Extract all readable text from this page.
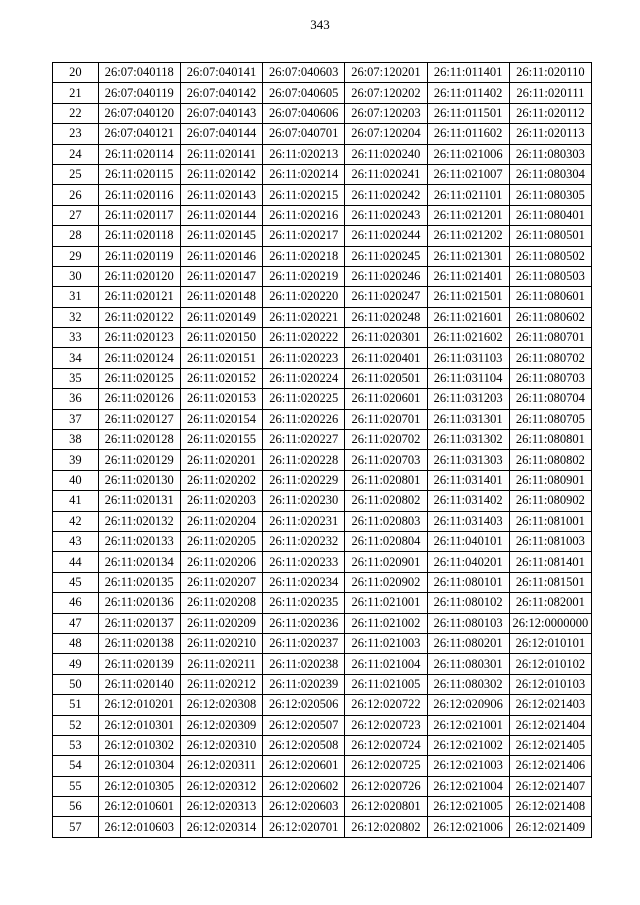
343
20	26:07:040118	26:07:040141	26:07:040603	26:07:120201	26:11:011401	26:11:020110
21	26:07:040119	26:07:040142	26:07:040605	26:07:120202	26:11:011402	26:11:020111
22	26:07:040120	26:07:040143	26:07:040606	26:07:120203	26:11:011501	26:11:020112
23	26:07:040121	26:07:040144	26:07:040701	26:07:120204	26:11:011602	26:11:020113
24	26:11:020114	26:11:020141	26:11:020213	26:11:020240	26:11:021006	26:11:080303
25	26:11:020115	26:11:020142	26:11:020214	26:11:020241	26:11:021007	26:11:080304
26	26:11:020116	26:11:020143	26:11:020215	26:11:020242	26:11:021101	26:11:080305
27	26:11:020117	26:11:020144	26:11:020216	26:11:020243	26:11:021201	26:11:080401
28	26:11:020118	26:11:020145	26:11:020217	26:11:020244	26:11:021202	26:11:080501
29	26:11:020119	26:11:020146	26:11:020218	26:11:020245	26:11:021301	26:11:080502
30	26:11:020120	26:11:020147	26:11:020219	26:11:020246	26:11:021401	26:11:080503
31	26:11:020121	26:11:020148	26:11:020220	26:11:020247	26:11:021501	26:11:080601
32	26:11:020122	26:11:020149	26:11:020221	26:11:020248	26:11:021601	26:11:080602
33	26:11:020123	26:11:020150	26:11:020222	26:11:020301	26:11:021602	26:11:080701
34	26:11:020124	26:11:020151	26:11:020223	26:11:020401	26:11:031103	26:11:080702
35	26:11:020125	26:11:020152	26:11:020224	26:11:020501	26:11:031104	26:11:080703
36	26:11:020126	26:11:020153	26:11:020225	26:11:020601	26:11:031203	26:11:080704
37	26:11:020127	26:11:020154	26:11:020226	26:11:020701	26:11:031301	26:11:080705
38	26:11:020128	26:11:020155	26:11:020227	26:11:020702	26:11:031302	26:11:080801
39	26:11:020129	26:11:020201	26:11:020228	26:11:020703	26:11:031303	26:11:080802
40	26:11:020130	26:11:020202	26:11:020229	26:11:020801	26:11:031401	26:11:080901
41	26:11:020131	26:11:020203	26:11:020230	26:11:020802	26:11:031402	26:11:080902
42	26:11:020132	26:11:020204	26:11:020231	26:11:020803	26:11:031403	26:11:081001
43	26:11:020133	26:11:020205	26:11:020232	26:11:020804	26:11:040101	26:11:081003
44	26:11:020134	26:11:020206	26:11:020233	26:11:020901	26:11:040201	26:11:081401
45	26:11:020135	26:11:020207	26:11:020234	26:11:020902	26:11:080101	26:11:081501
46	26:11:020136	26:11:020208	26:11:020235	26:11:021001	26:11:080102	26:11:082001
47	26:11:020137	26:11:020209	26:11:020236	26:11:021002	26:11:080103	26:12:0000000
48	26:11:020138	26:11:020210	26:11:020237	26:11:021003	26:11:080201	26:12:010101
49	26:11:020139	26:11:020211	26:11:020238	26:11:021004	26:11:080301	26:12:010102
50	26:11:020140	26:11:020212	26:11:020239	26:11:021005	26:11:080302	26:12:010103
51	26:12:010201	26:12:020308	26:12:020506	26:12:020722	26:12:020906	26:12:021403
52	26:12:010301	26:12:020309	26:12:020507	26:12:020723	26:12:021001	26:12:021404
53	26:12:010302	26:12:020310	26:12:020508	26:12:020724	26:12:021002	26:12:021405
54	26:12:010304	26:12:020311	26:12:020601	26:12:020725	26:12:021003	26:12:021406
55	26:12:010305	26:12:020312	26:12:020602	26:12:020726	26:12:021004	26:12:021407
56	26:12:010601	26:12:020313	26:12:020603	26:12:020801	26:12:021005	26:12:021408
57	26:12:010603	26:12:020314	26:12:020701	26:12:020802	26:12:021006	26:12:021409
